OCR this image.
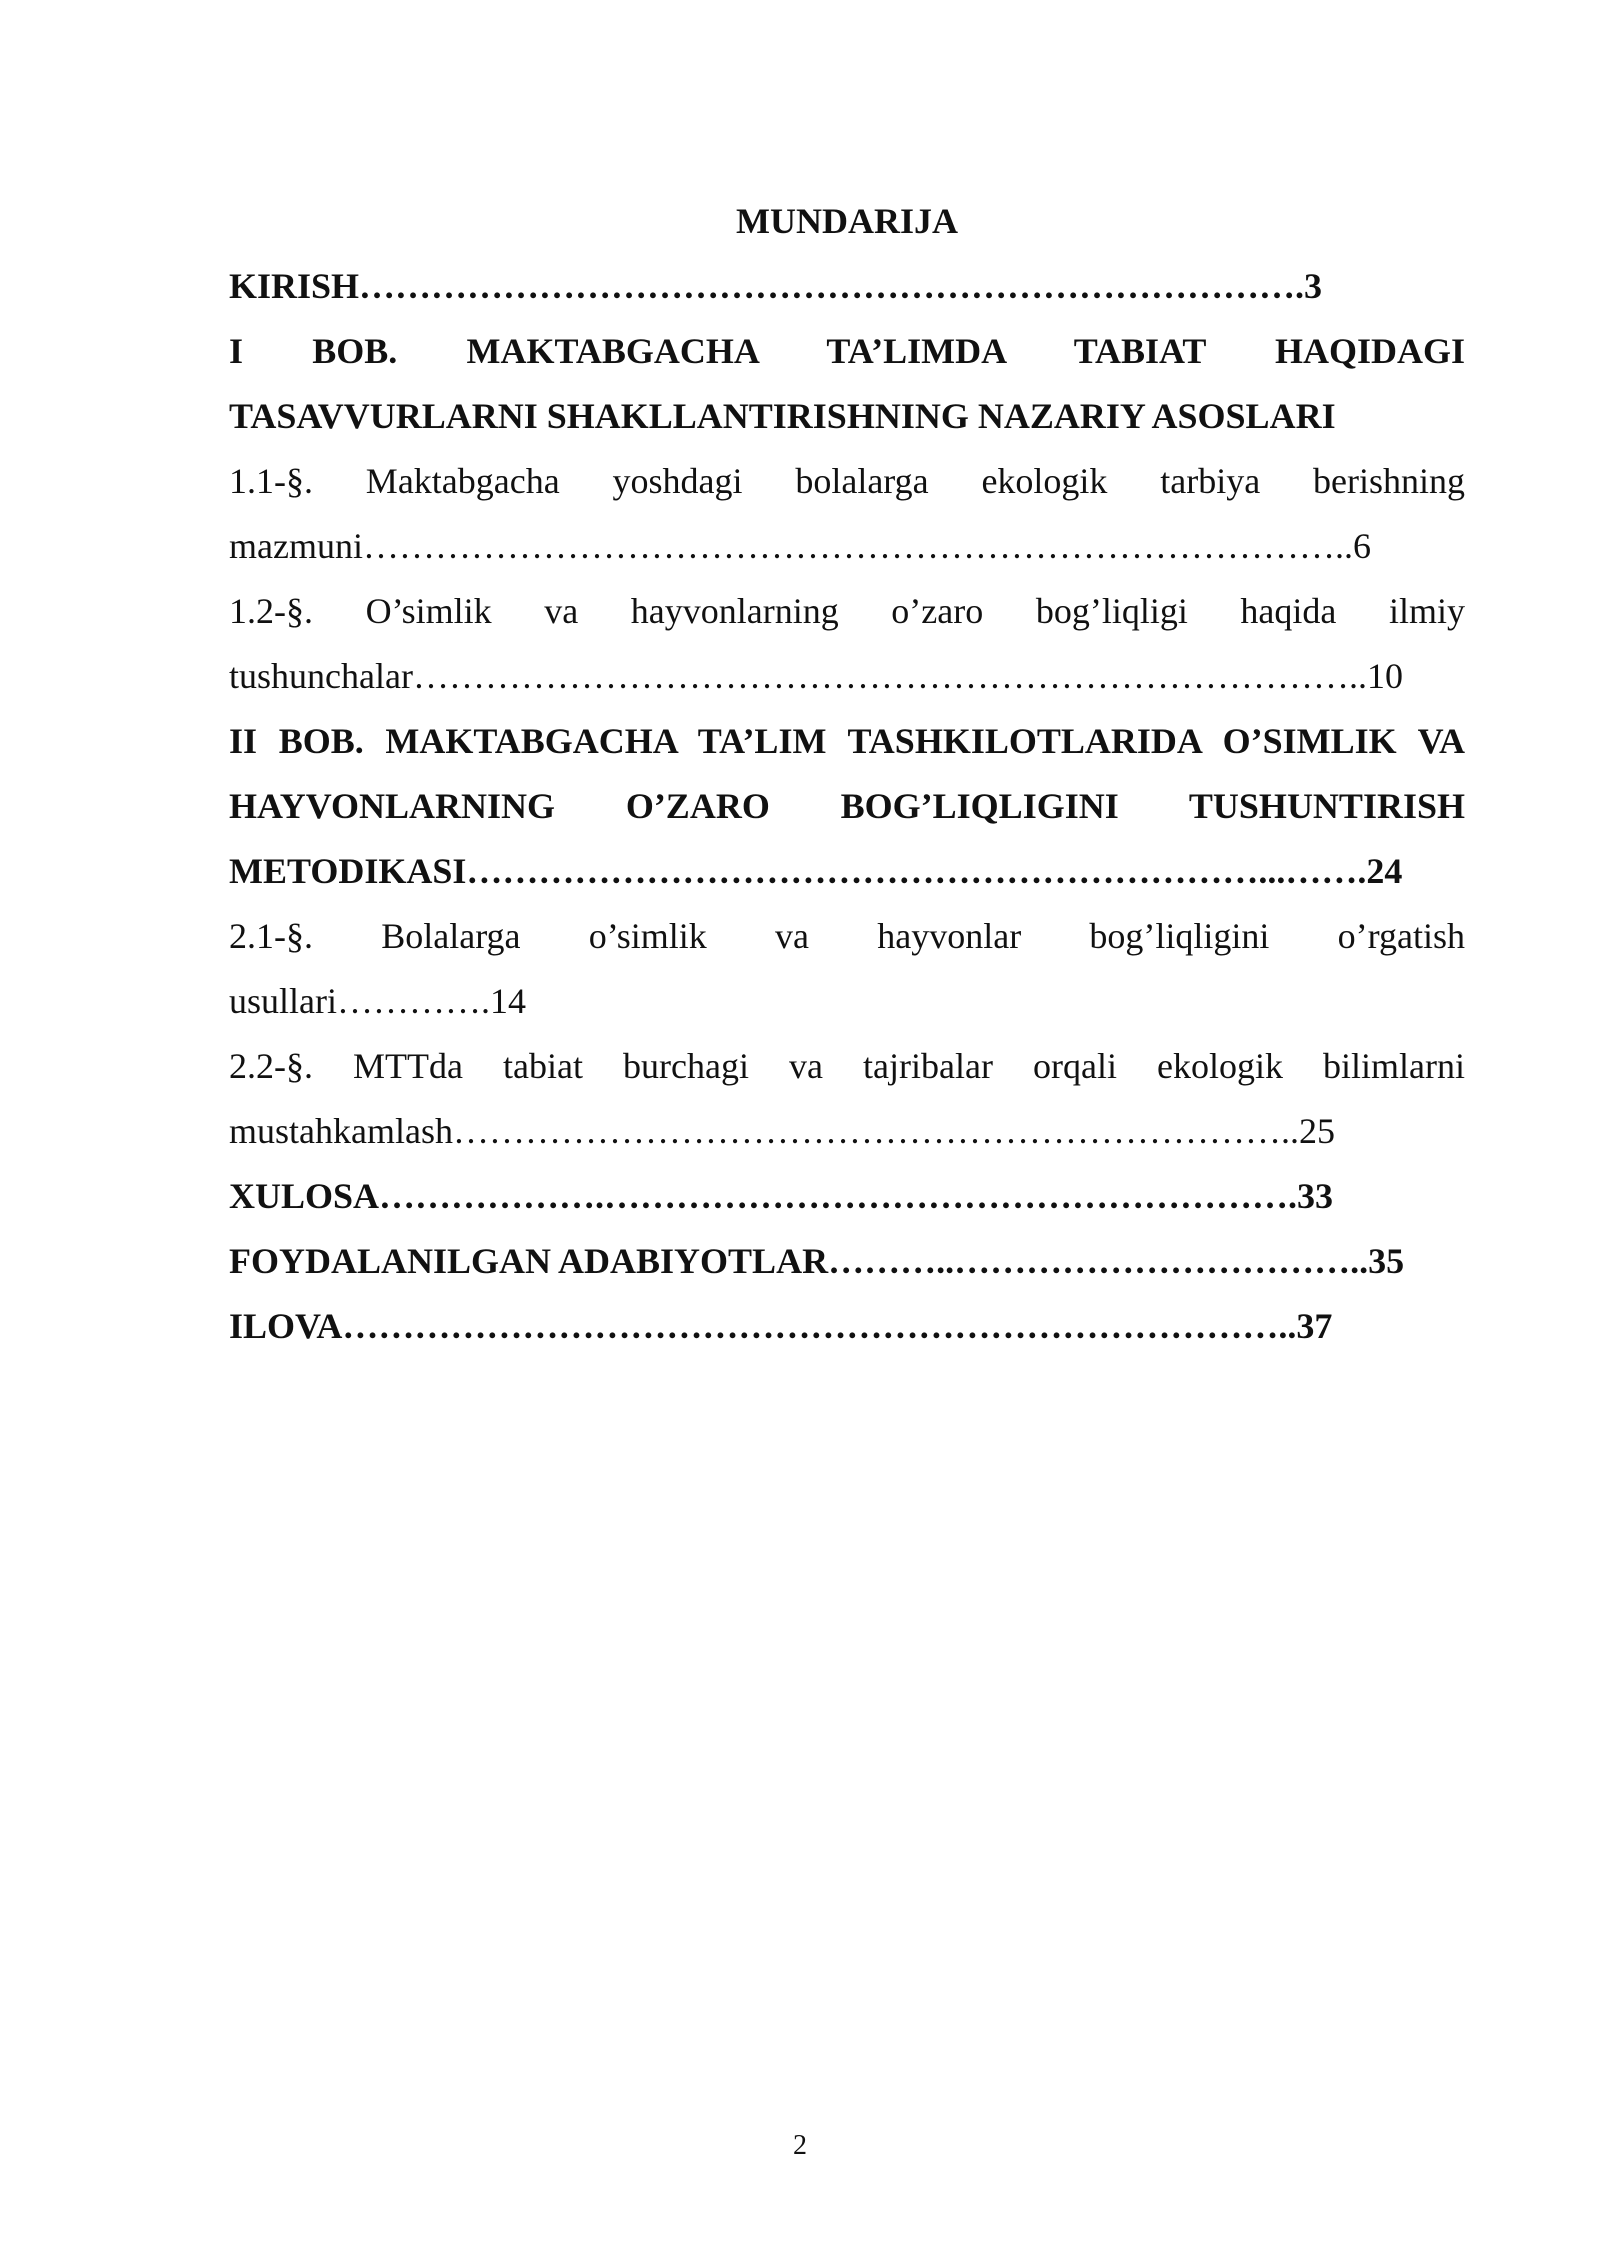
MUNDARIJA

KIRISH…………………………………………………………………….3
I BOB. MAKTABGACHA TA’LIMDA TABIAT HAQIDAGI
TASAVVURLARNI SHAKLLANTIRISHNING NAZARIY ASOSLARI
1.1-§. Maktabgacha yoshdagi bolalarga ekologik tarbiya berishning
mazmuni………………………………………………………………………..6
1.2-§. O’simlik va hayvonlarning o’zaro bog’liqligi haqida ilmiy
tushunchalar……………………………………………………………………..10
II BOB. MAKTABGACHA TA’LIM TASHKILOTLARIDA O’SIMLIK VA
HAYVONLARNING O’ZARO BOG’LIQLIGINI TUSHUNTIRISH
METODIKASI…………………………………………………………...…….24
2.1-§. Bolalarga o’simlik va hayvonlar bog’liqligini o’rgatish
usullari………….14
2.2-§. MTTda tabiat burchagi va tajribalar orqali ekologik bilimlarni
mustahkamlash……………………………………………………………..25
XULOSA……………….………………………………………………….33
FOYDALANILGAN ADABIYOTLAR………..……………………………..35
ILOVA……………………………………………………………………..37
2
